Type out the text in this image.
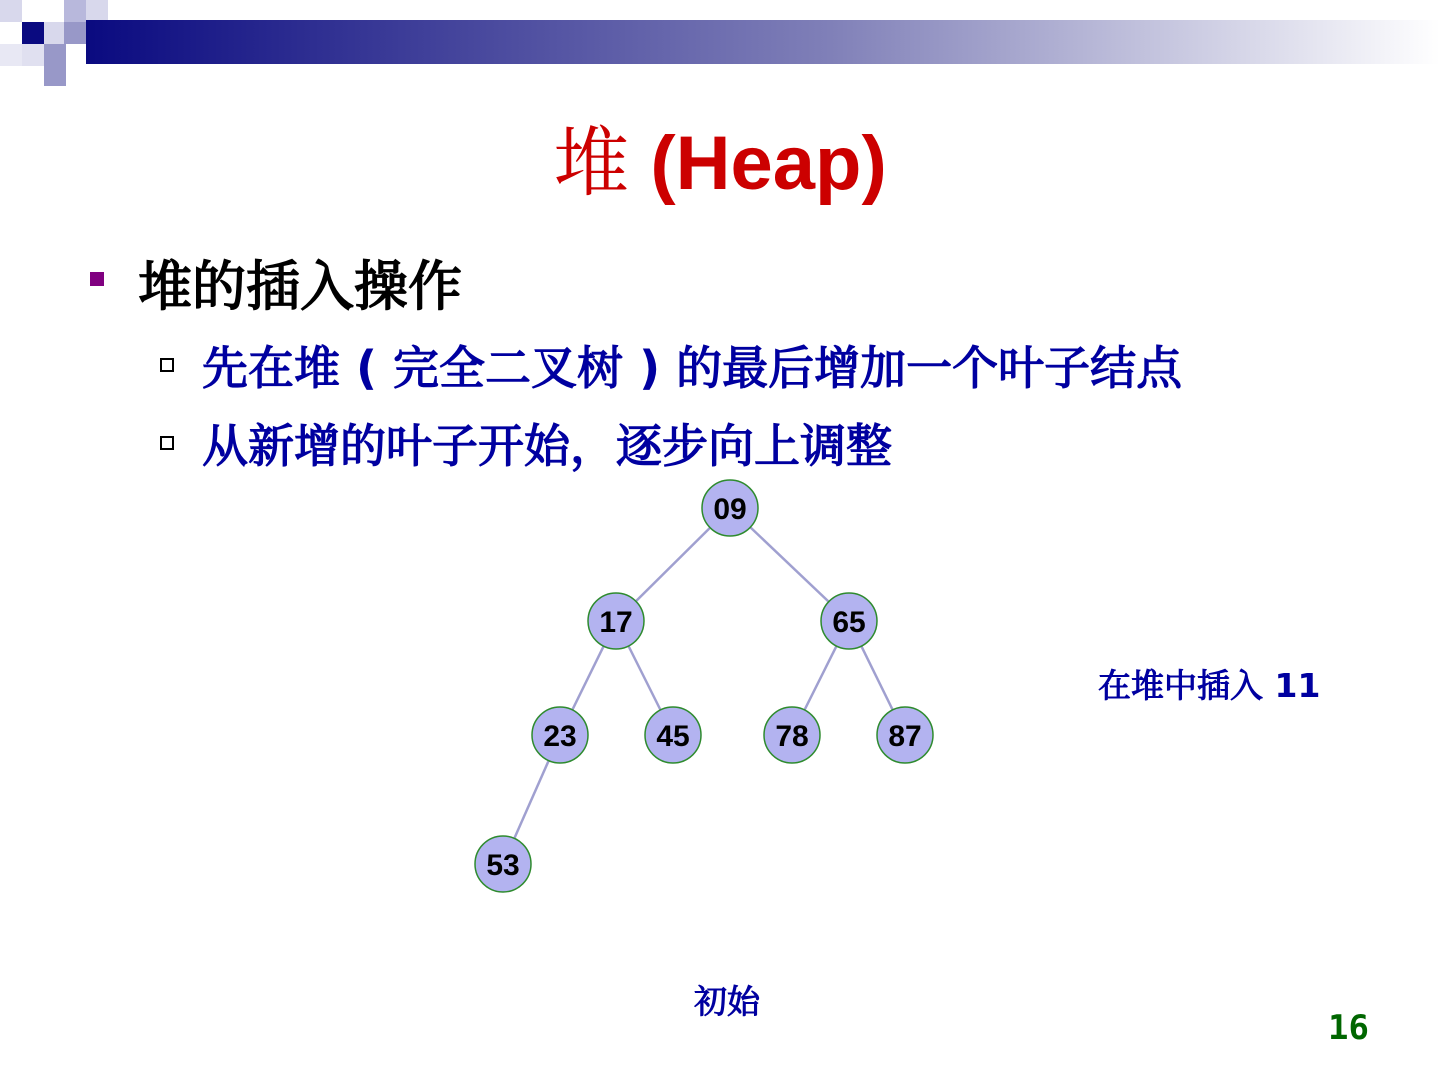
堆 (Heap)
堆的插入操作
先在堆 ( 完全二叉树 ) 的最后增加一个叶子结点
从新增的叶子开始，逐步向上调整
09
17	65
23	45	78	87
53
在堆中插入 11
初始
16
